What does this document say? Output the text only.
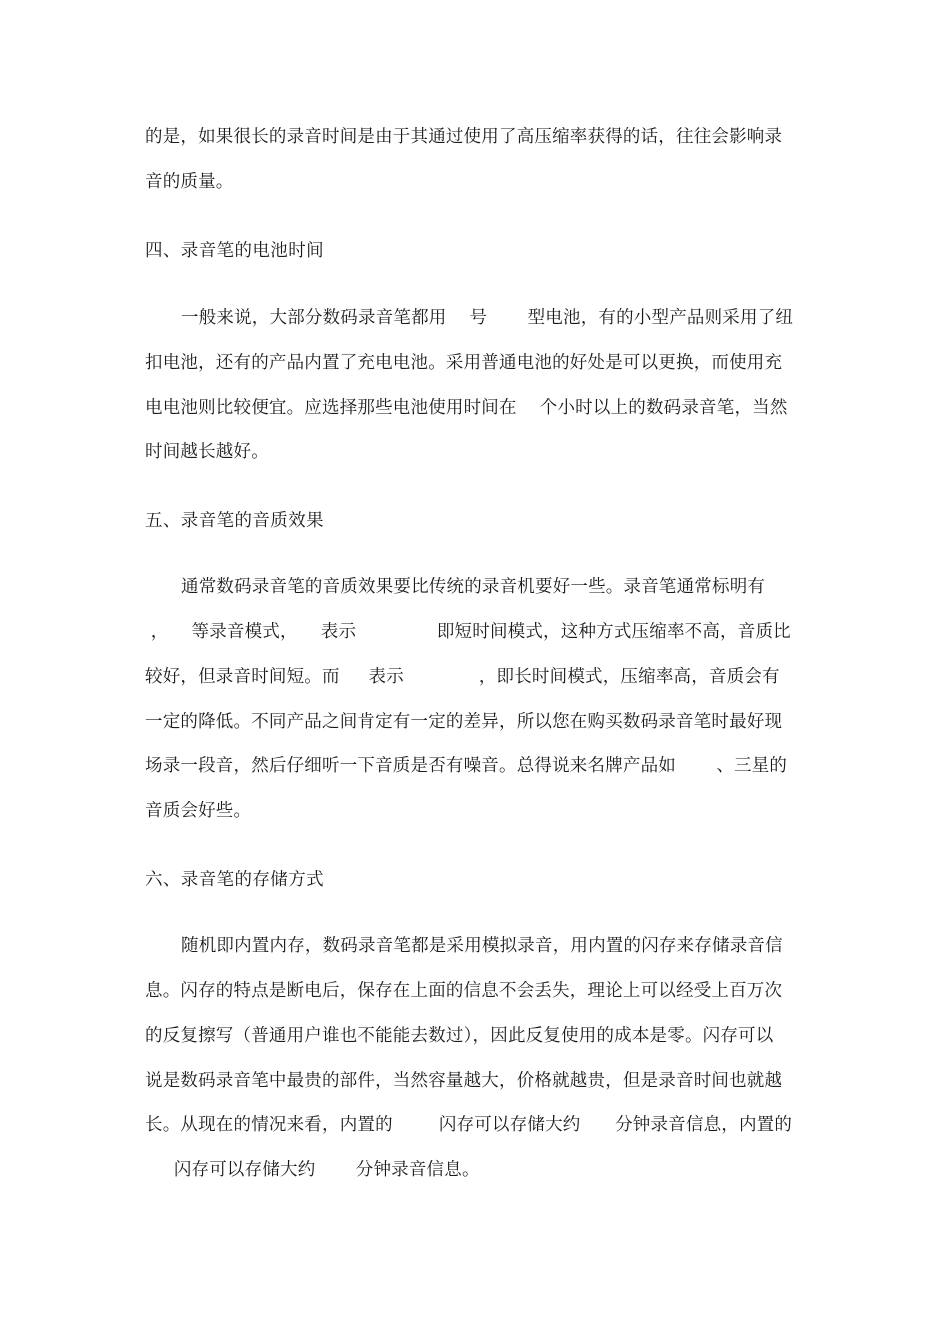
的是，如果很长的录音时间是由于其通过使用了高压缩率获得的话，往往会影响录
音的质量。
四、录音笔的电池时间
一般来说，大部分数码录音笔都用    号       型电池，有的小型产品则采用了纽
扣电池，还有的产品内置了充电电池。采用普通电池的好处是可以更换，而使用充
电电池则比较便宜。应选择那些电池使用时间在    个小时以上的数码录音笔，当然
时间越长越好。
五、录音笔的音质效果
通常数码录音笔的音质效果要比传统的录音机要好一些。录音笔通常标明有
，    等录音模式，    表示              即短时间模式，这种方式压缩率不高，音质比
较好，但录音时间短。而     表示             ，即长时间模式，压缩率高，音质会有
一定的降低。不同产品之间肯定有一定的差异，所以您在购买数码录音笔时最好现
场录一段音，然后仔细听一下音质是否有噪音。总得说来名牌产品如       、三星的
音质会好些。
六、录音笔的存储方式
随机即内置内存，数码录音笔都是采用模拟录音，用内置的闪存来存储录音信
息。闪存的特点是断电后，保存在上面的信息不会丢失，理论上可以经受上百万次
的反复擦写（普通用户谁也不能能去数过），因此反复使用的成本是零。闪存可以
说是数码录音笔中最贵的部件，当然容量越大，价格就越贵，但是录音时间也就越
长。从现在的情况来看，内置的        闪存可以存储大约      分钟录音信息，内置的
闪存可以存储大约       分钟录音信息。
